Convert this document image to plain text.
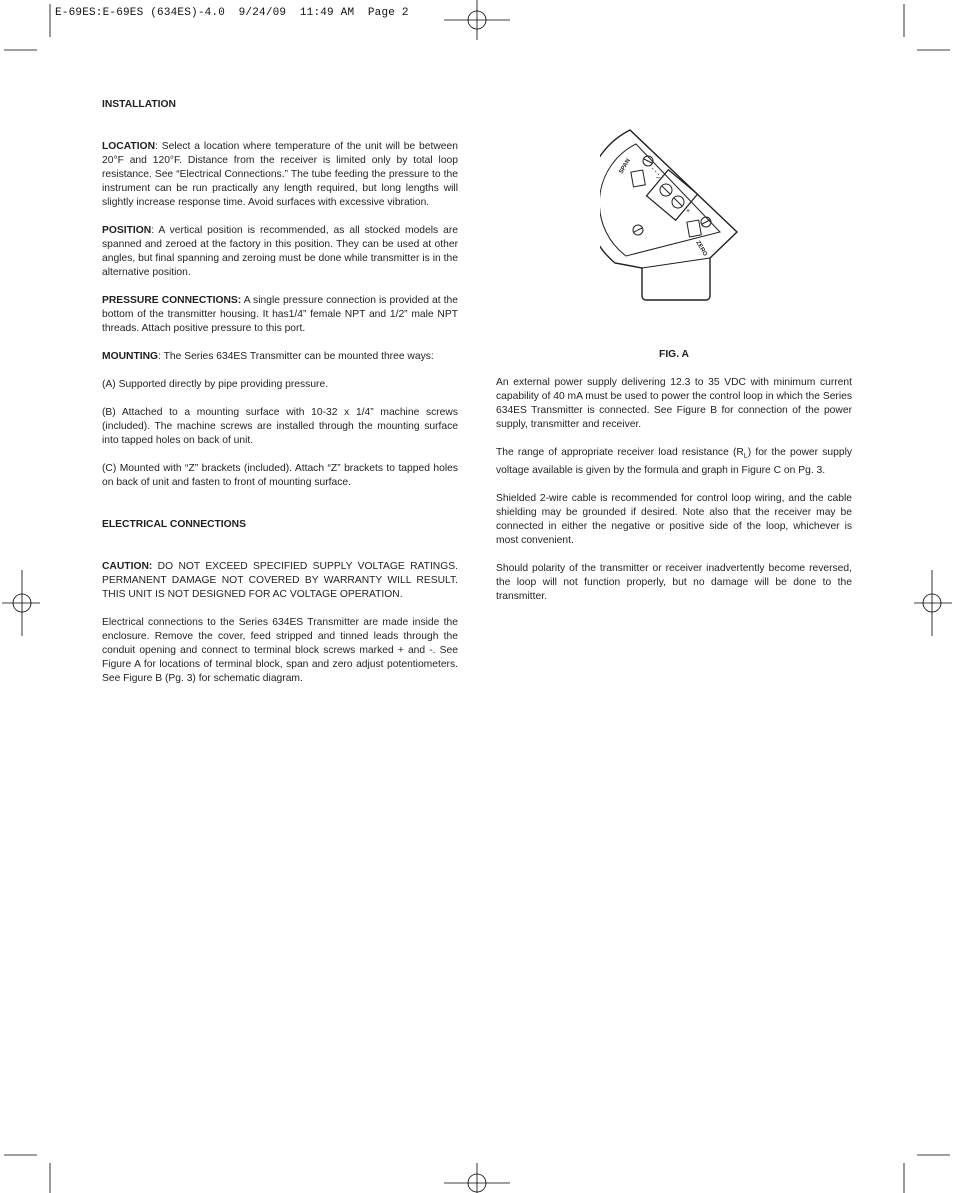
E-69ES:E-69ES (634ES)-4.0  9/24/09  11:49 AM  Page 2
INSTALLATION

LOCATION: Select a location where temperature of the unit will be between 20°F and 120°F. Distance from the receiver is limited only by total loop resistance. See “Electrical Connections.” The tube feeding the pressure to the instrument can be run practically any length required, but long lengths will slightly increase response time. Avoid surfaces with excessive vibration.

POSITION: A vertical position is recommended, as all stocked models are spanned and zeroed at the factory in this position. They can be used at other angles, but final spanning and zeroing must be done while transmitter is in the alternative position.

PRESSURE CONNECTIONS: A single pressure connection is provided at the bottom of the transmitter housing. It has1/4” female NPT and 1/2” male NPT threads. Attach positive pressure to this port.

MOUNTING: The Series 634ES Transmitter can be mounted three ways:

(A) Supported directly by pipe providing pressure.

(B) Attached to a mounting surface with 10-32 x 1/4” machine screws (included). The machine screws are installed through the mounting surface into tapped holes on back of unit.

(C) Mounted with “Z” brackets (included). Attach “Z” brackets to tapped holes on back of unit and fasten to front of mounting surface.

ELECTRICAL CONNECTIONS

CAUTION: DO NOT EXCEED SPECIFIED SUPPLY VOLTAGE RATINGS. PERMANENT DAMAGE NOT COVERED BY WARRANTY WILL RESULT. THIS UNIT IS NOT DESIGNED FOR AC VOLTAGE OPERATION.

Electrical connections to the Series 634ES Transmitter are made inside the enclosure. Remove the cover, feed stripped and tinned leads through the conduit opening and connect to terminal block screws marked + and -. See Figure A for locations of terminal block, span and zero adjust potentiometers. See Figure B (Pg. 3) for schematic diagram.

SPAN
ZERO
–
+
FIG. A

An external power supply delivering 12.3 to 35 VDC with minimum current capability of 40 mA must be used to power the control loop in which the Series 634ES Transmitter is connected. See Figure B for connection of the power supply, transmitter and receiver.

The range of appropriate receiver load resistance $(R_L)$ for the power supply voltage available is given by the formula and graph in Figure C on Pg. 3.

Shielded 2-wire cable is recommended for control loop wiring, and the cable shielding may be grounded if desired. Note also that the receiver may be connected in either the negative or positive side of the loop, whichever is most convenient.

Should polarity of the transmitter or receiver inadvertently become reversed, the loop will not function properly, but no damage will be done to the transmitter.
